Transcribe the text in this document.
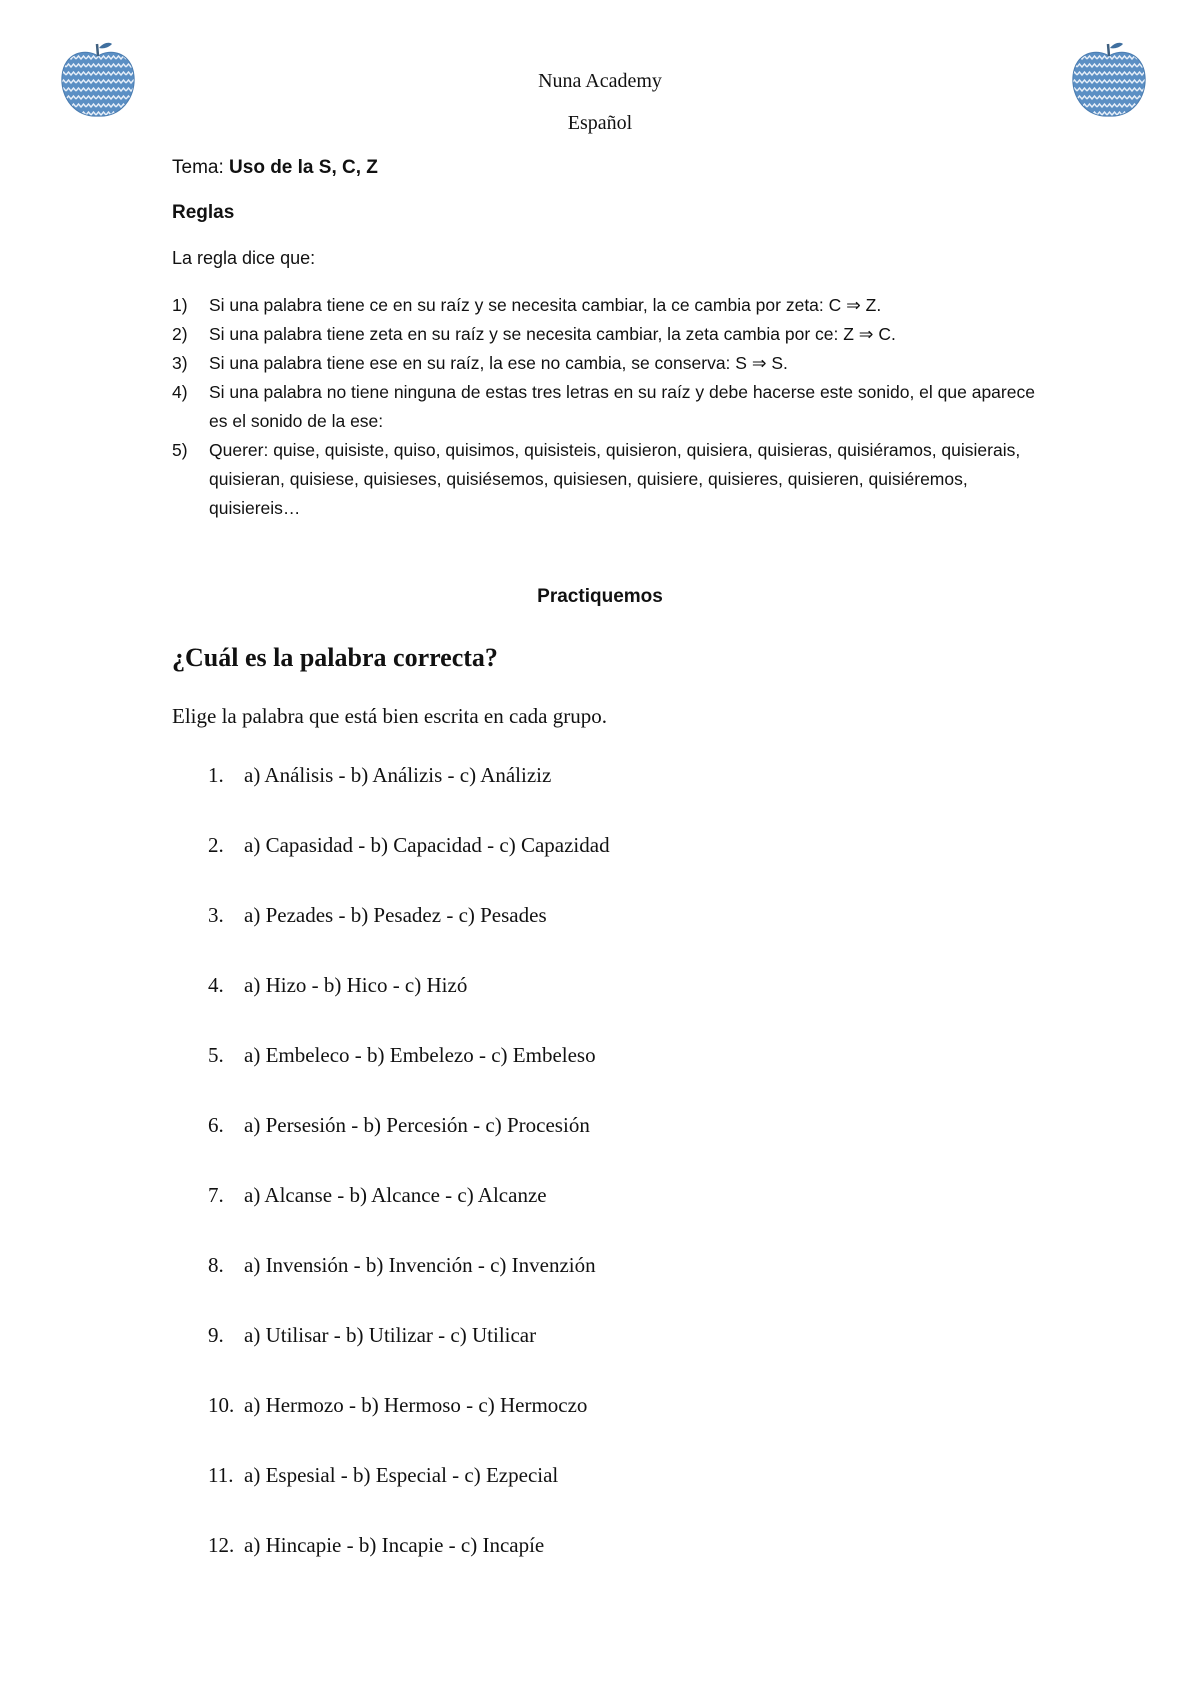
Nuna Academy
Español
Tema: Uso de la S, C, Z
Reglas
La regla dice que:
1) Si una palabra tiene ce en su raíz y se necesita cambiar, la ce cambia por zeta: C ⇒ Z.
2) Si una palabra tiene zeta en su raíz y se necesita cambiar, la zeta cambia por ce: Z ⇒ C.
3) Si una palabra tiene ese en su raíz, la ese no cambia, se conserva: S ⇒ S.
4) Si una palabra no tiene ninguna de estas tres letras en su raíz y debe hacerse este sonido, el que aparece es el sonido de la ese:
5) Querer: quise, quisiste, quiso, quisimos, quisisteis, quisieron, quisiera, quisieras, quisiéramos, quisierais, quisieran, quisiese, quisieses, quisiésemos, quisiesen, quisiere, quisieres, quisieren, quisiéremos, quisiereis…
Practiquemos
¿Cuál es la palabra correcta?
Elige la palabra que está bien escrita en cada grupo.
1. a) Análisis - b) Análizis - c) Análiziz
2. a) Capasidad - b) Capacidad - c) Capazidad
3. a) Pezades - b) Pesadez - c) Pesades
4. a) Hizo - b) Hico - c) Hizó
5. a) Embeleco - b) Embelezo - c) Embeleso
6. a) Persesión - b) Percesión - c) Procesión
7. a) Alcanse - b) Alcance - c) Alcanze
8. a) Invensión - b) Invención - c) Invenzión
9. a) Utilisar - b) Utilizar - c) Utilicar
10. a) Hermozo - b) Hermoso - c) Hermoczo
11. a) Espesial - b) Especial - c) Ezpecial
12. a) Hincapie - b) Incapie - c) Incapíe
